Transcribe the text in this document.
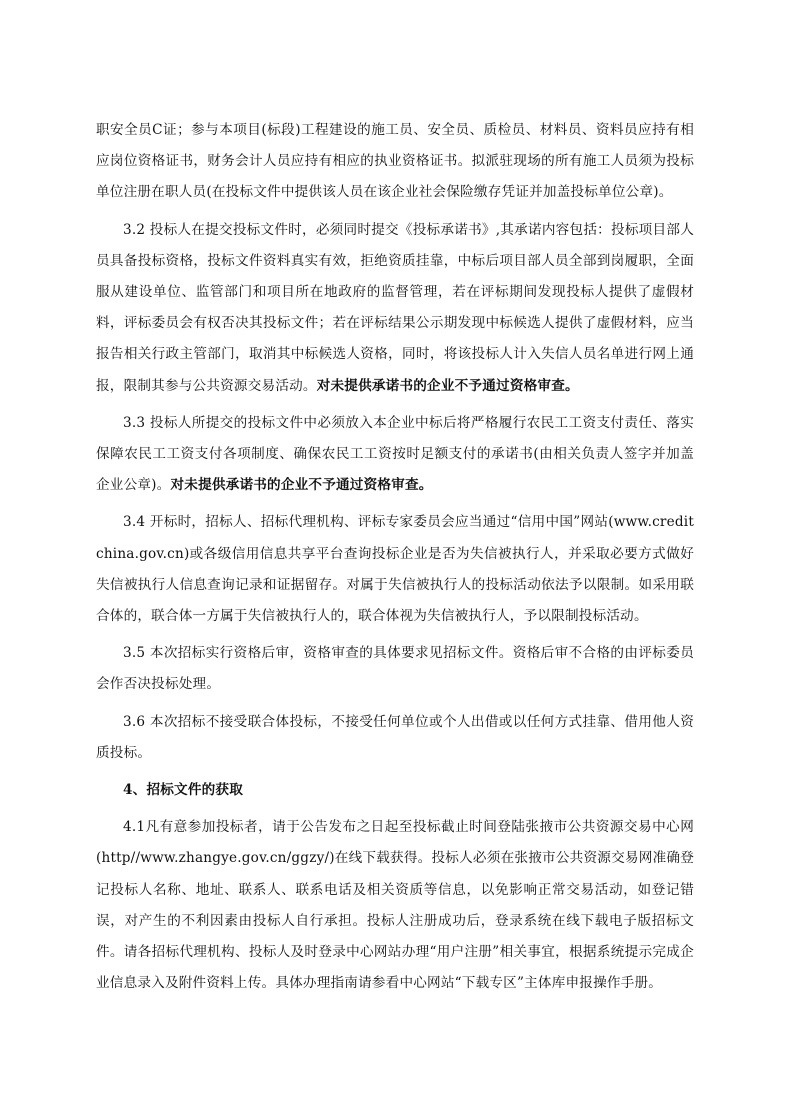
职安全员C证；参与本项目(标段)工程建设的施工员、安全员、质检员、材料员、资料员应持有相应岗位资格证书，财务会计人员应持有相应的执业资格证书。拟派驻现场的所有施工人员须为投标单位注册在职人员(在投标文件中提供该人员在该企业社会保险缴存凭证并加盖投标单位公章)。

3.2 投标人在提交投标文件时，必须同时提交《投标承诺书》,其承诺内容包括：投标项目部人员具备投标资格，投标文件资料真实有效，拒绝资质挂靠，中标后项目部人员全部到岗履职，全面服从建设单位、监管部门和项目所在地政府的监督管理，若在评标期间发现投标人提供了虚假材料，评标委员会有权否决其投标文件；若在评标结果公示期发现中标候选人提供了虚假材料，应当报告相关行政主管部门，取消其中标候选人资格，同时，将该投标人计入失信人员名单进行网上通报，限制其参与公共资源交易活动。对未提供承诺书的企业不予通过资格审查。

3.3 投标人所提交的投标文件中必须放入本企业中标后将严格履行农民工工资支付责任、落实保障农民工工资支付各项制度、确保农民工工资按时足额支付的承诺书(由相关负责人签字并加盖企业公章)。对未提供承诺书的企业不予通过资格审查。

3.4 开标时，招标人、招标代理机构、评标专家委员会应当通过“信用中国”网站(www.creditchina.gov.cn)或各级信用信息共享平台查询投标企业是否为失信被执行人，并采取必要方式做好失信被执行人信息查询记录和证据留存。对属于失信被执行人的投标活动依法予以限制。如采用联合体的，联合体一方属于失信被执行人的，联合体视为失信被执行人，予以限制投标活动。

3.5 本次招标实行资格后审，资格审查的具体要求见招标文件。资格后审不合格的由评标委员会作否决投标处理。

3.6 本次招标不接受联合体投标，不接受任何单位或个人出借或以任何方式挂靠、借用他人资质投标。

4、招标文件的获取

4.1凡有意参加投标者，请于公告发布之日起至投标截止时间登陆张掖市公共资源交易中心网(http//www.zhangye.gov.cn/ggzy/)在线下载获得。投标人必须在张掖市公共资源交易网准确登记投标人名称、地址、联系人、联系电话及相关资质等信息，以免影响正常交易活动，如登记错误，对产生的不利因素由投标人自行承担。投标人注册成功后，登录系统在线下载电子版招标文件。请各招标代理机构、投标人及时登录中心网站办理“用户注册”相关事宜，根据系统提示完成企业信息录入及附件资料上传。具体办理指南请参看中心网站“下载专区”主体库申报操作手册。
